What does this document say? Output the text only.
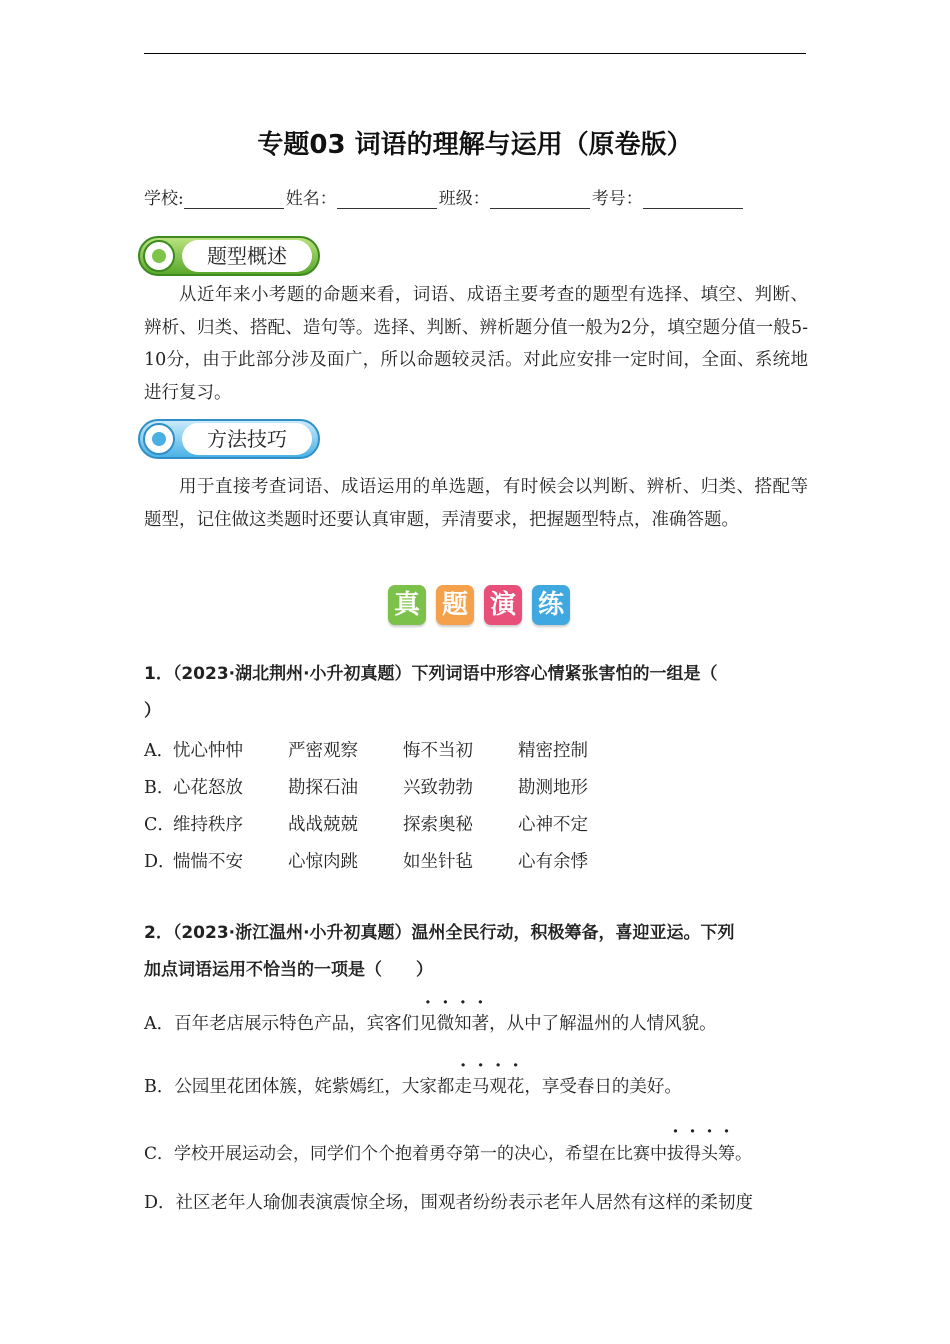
专题03 词语的理解与运用（原卷版）
学校:	姓名：	班级：	考号：
题型概述
从近年来小考题的命题来看，词语、成语主要考查的题型有选择、填空、判断、辨析、归类、搭配、造句等。选择、判断、辨析题分值一般为2分，填空题分值一般5-10分，由于此部分涉及面广，所以命题较灵活。对此应安排一定时间，全面、系统地进行复习。
方法技巧
用于直接考查词语、成语运用的单选题，有时候会以判断、辨析、归类、搭配等题型，记住做这类题时还要认真审题，弄清要求，把握题型特点，准确答题。
真 题 演 练
1．（2023·湖北荆州·小升初真题）下列词语中形容心情紧张害怕的一组是（
）
A．
忧心忡忡	严密观察	悔不当初	精密控制
B．
心花怒放	勘探石油	兴致勃勃	勘测地形
C．
维持秩序	战战兢兢	探索奥秘	心神不定
D．
惴惴不安	心惊肉跳	如坐针毡	心有余悸
2．（2023·浙江温州·小升初真题）温州全民行动，积极筹备，喜迎亚运。下列
加点词语运用不恰当的一项是（　　）
A．百年老店展示特色产品，宾客们见微知著，从中了解温州的人情风貌。
B．公园里花团体簇，姹紫嫣红，大家都走马观花，享受春日的美好。
C．学校开展运动会，同学们个个抱着勇夺第一的决心，希望在比赛中拔得头筹。
D．社区老年人瑜伽表演震惊全场，围观者纷纷表示老年人居然有这样的柔韧度
